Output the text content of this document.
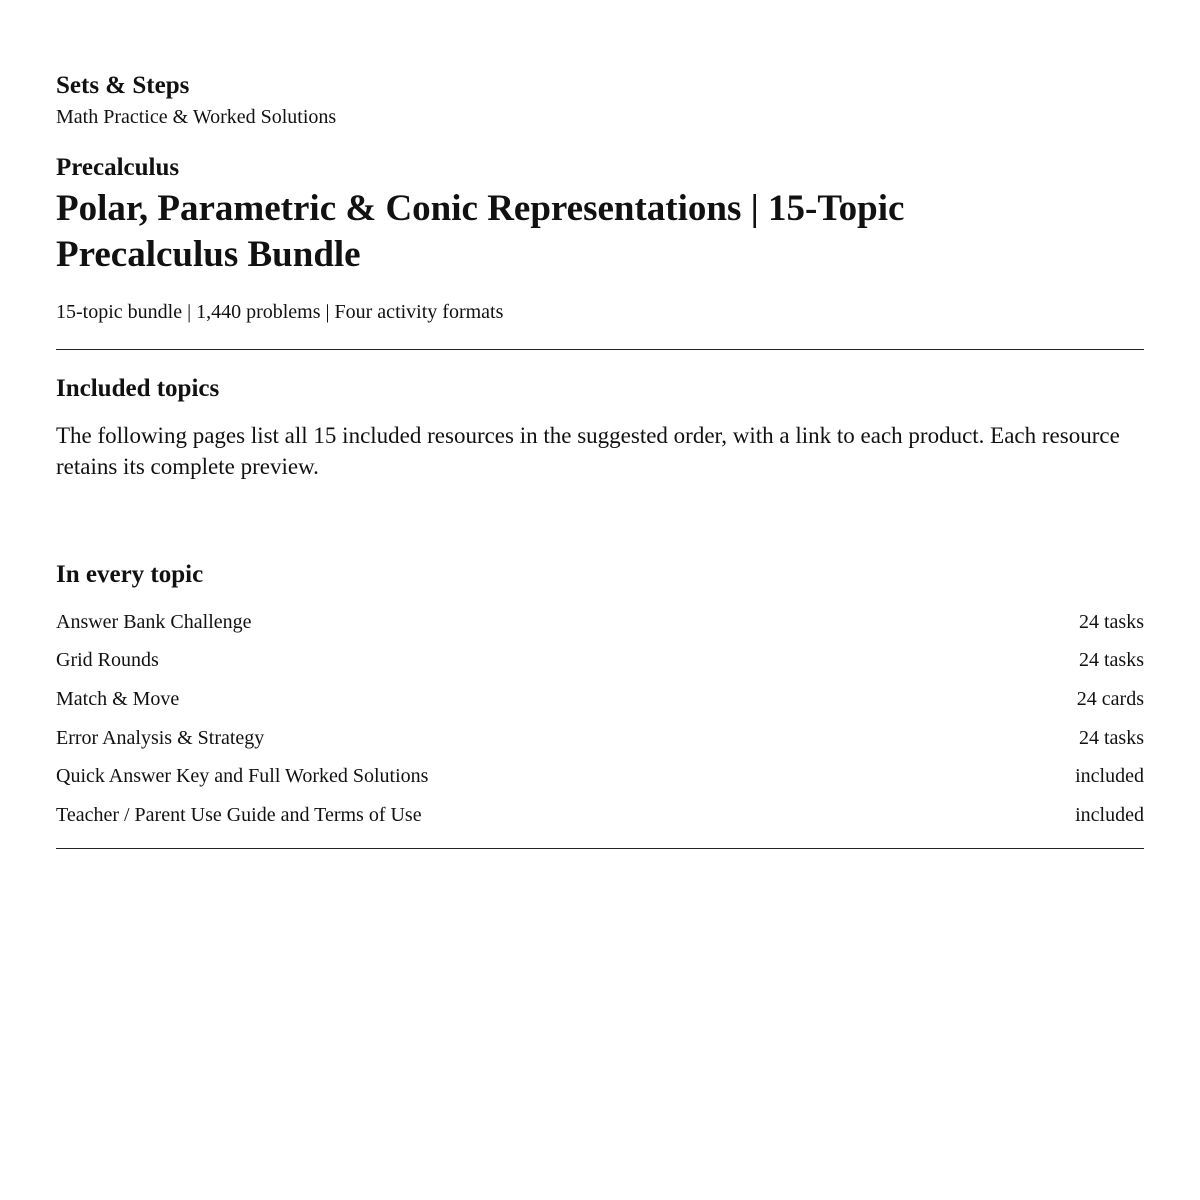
Sets & Steps
Math Practice & Worked Solutions
Precalculus
Polar, Parametric & Conic Representations | 15-Topic Precalculus Bundle
15-topic bundle | 1,440 problems | Four activity formats
Included topics

The following pages list all 15 included resources in the suggested order, with a link to each product. Each resource retains its complete preview.

In every topic
Answer Bank Challenge	24 tasks
Grid Rounds	24 tasks
Match & Move	24 cards
Error Analysis & Strategy	24 tasks
Quick Answer Key and Full Worked Solutions	included
Teacher / Parent Use Guide and Terms of Use	included
